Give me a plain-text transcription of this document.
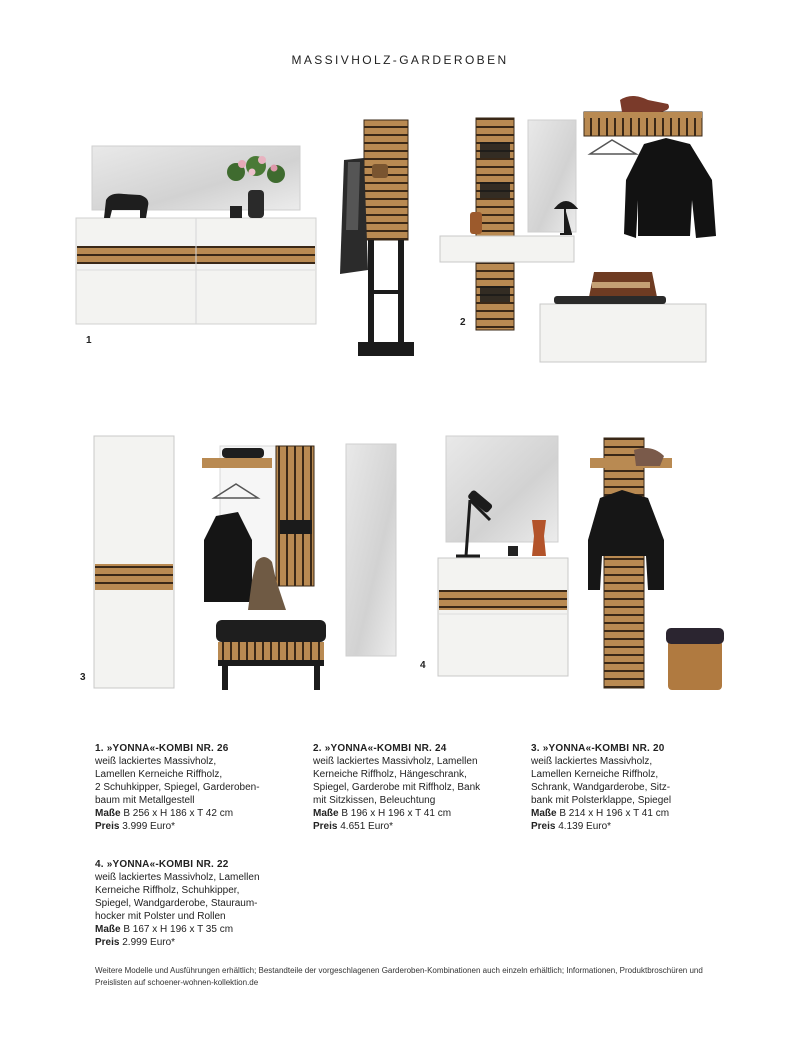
MASSIVHOLZ-GARDEROBEN
1
2
3
4
1. »YONNA«-KOMBI NR. 26
weiß lackiertes Massivholz,
Lamellen Kerneiche Riffholz,
2 Schuhkipper, Spiegel, Garderoben-
baum mit Metallgestell
Maße B 256 x H 186 x T 42 cm
Preis 3.999 Euro*
2. »YONNA«-KOMBI NR. 24
weiß lackiertes Massivholz, Lamellen
Kerneiche Riffholz, Hängeschrank,
Spiegel, Garderobe mit Riffholz, Bank
mit Sitzkissen, Beleuchtung
Maße B 196 x H 196 x T 41 cm
Preis 4.651 Euro*
3. »YONNA«-KOMBI NR. 20
weiß lackiertes Massivholz,
Lamellen Kerneiche Riffholz,
Schrank, Wandgarderobe, Sitz-
bank mit Polsterklappe, Spiegel
Maße B 214 x H 196 x T 41 cm
Preis 4.139 Euro*
4. »YONNA«-KOMBI NR. 22
weiß lackiertes Massivholz, Lamellen
Kerneiche Riffholz, Schuhkipper,
Spiegel, Wandgarderobe, Stauraum-
hocker mit Polster und Rollen
Maße B 167 x H 196 x T 35 cm
Preis 2.999 Euro*
Weitere Modelle und Ausführungen erhältlich; Bestandteile der vorgeschlagenen Garderoben-Kombinationen auch einzeln erhältlich; Informationen, Produktbroschüren und Preislisten auf schoener-wohnen-kollektion.de
